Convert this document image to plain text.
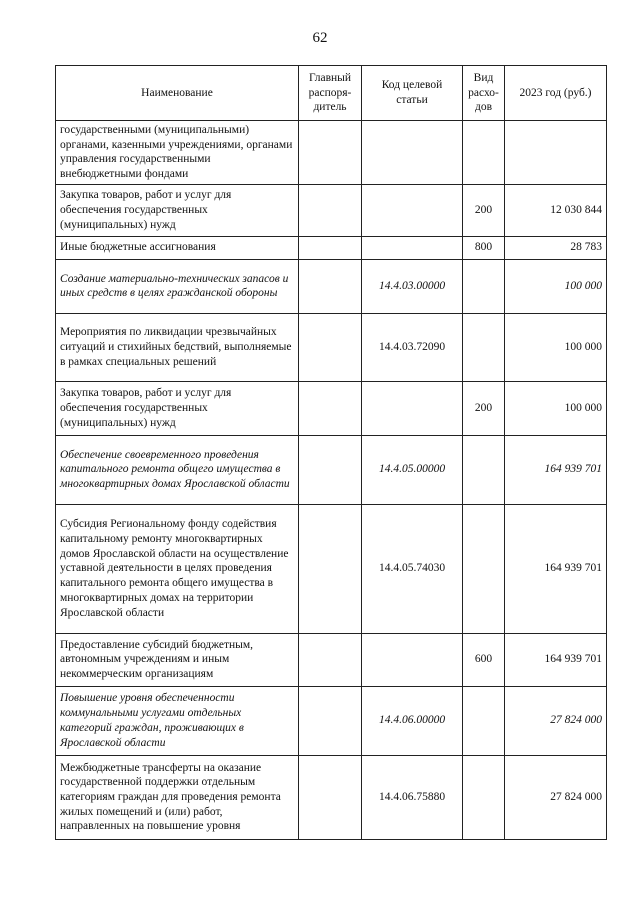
62
Наименование	Главный распоря-дитель	Код целевой статьи	Вид расхо-дов	2023 год (руб.)
государственными (муниципальными) органами, казенными учреждениями, органами управления государственными внебюджетными фондами				
Закупка товаров, работ и услуг для обеспечения государственных (муниципальных) нужд			200	12 030 844
Иные бюджетные ассигнования			800	28 783
Создание материально-технических запасов и иных средств в целях гражданской обороны		14.4.03.00000		100 000
Мероприятия по ликвидации чрезвычайных ситуаций и стихийных бедствий, выполняемые в рамках специальных решений		14.4.03.72090		100 000
Закупка товаров, работ и услуг для обеспечения государственных (муниципальных) нужд			200	100 000
Обеспечение своевременного проведения капитального ремонта общего имущества в многоквартирных домах Ярославской области		14.4.05.00000		164 939 701
Субсидия Региональному фонду содействия капитальному ремонту многоквартирных домов Ярославской области на осуществление уставной деятельности в целях проведения капитального ремонта общего имущества в многоквартирных домах на территории Ярославской области		14.4.05.74030		164 939 701
Предоставление субсидий бюджетным, автономным учреждениям и иным некоммерческим организациям			600	164 939 701
Повышение уровня обеспеченности коммунальными услугами отдельных категорий граждан, проживающих в Ярославской области		14.4.06.00000		27 824 000
Межбюджетные трансферты на оказание государственной поддержки отдельным категориям граждан для проведения ремонта жилых помещений и (или) работ, направленных на повышение уровня		14.4.06.75880		27 824 000
